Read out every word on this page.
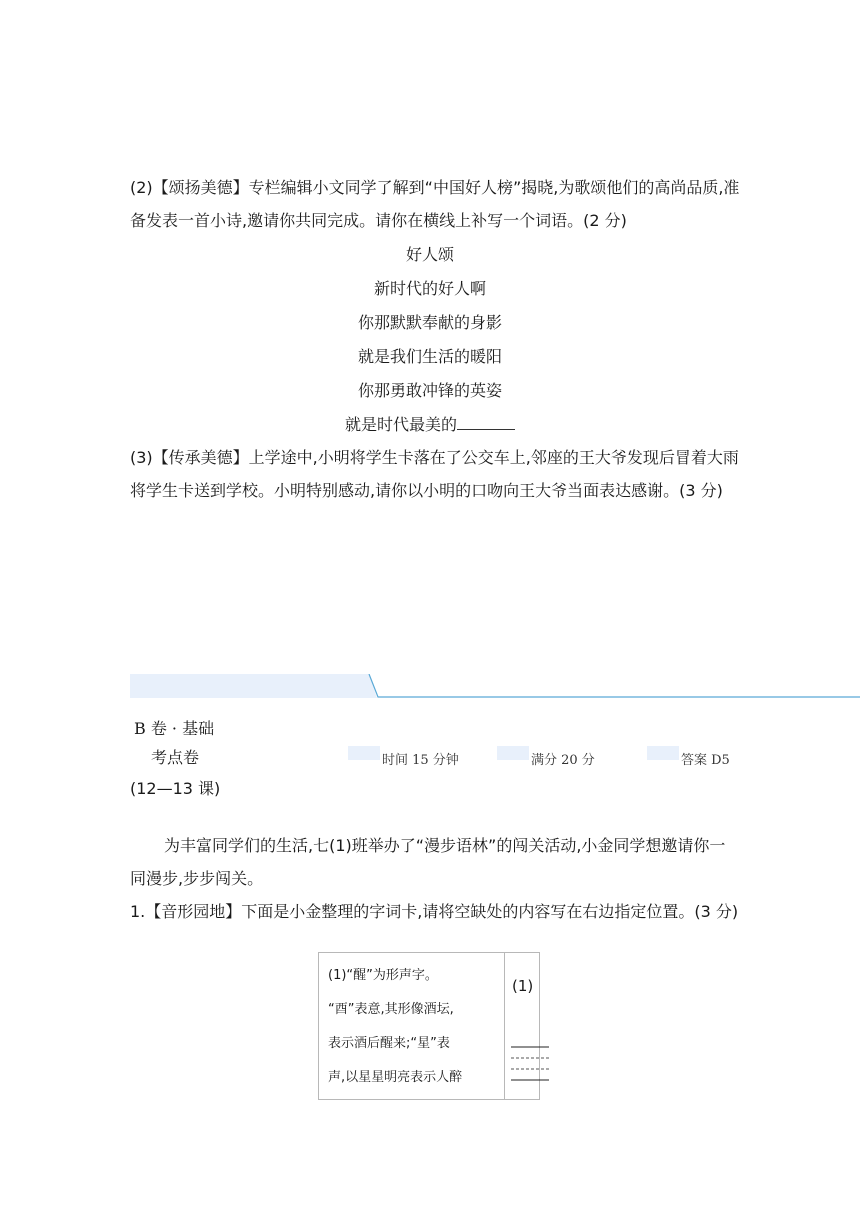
(2)【颂扬美德】专栏编辑小文同学了解到“中国好人榜”揭晓,为歌颂他们的高尚品质,准备发表一首小诗,邀请你共同完成。请你在横线上补写一个词语。(2 分)

好人颂
新时代的好人啊
你那默默奉献的身影
就是我们生活的暖阳
你那勇敢冲锋的英姿
就是时代最美的

(3)【传承美德】上学途中,小明将学生卡落在了公交车上,邻座的王大爷发现后冒着大雨将学生卡送到学校。小明特别感动,请你以小明的口吻向王大爷当面表达感谢。(3 分)

B 卷 · 基础
考点卷	时间 15 分钟	满分 20 分	答案 D5
(12—13 课)

为丰富同学们的生活,七(1)班举办了“漫步语林”的闯关活动,小金同学想邀请你一同漫步,步步闯关。

1.【音形园地】下面是小金整理的字词卡,请将空缺处的内容写在右边指定位置。(3 分)

(1)“醒”为形声字。
“酉”表意,其形像酒坛,
表示酒后醒来;“星”表
声,以星星明亮表示人醉
(1)
